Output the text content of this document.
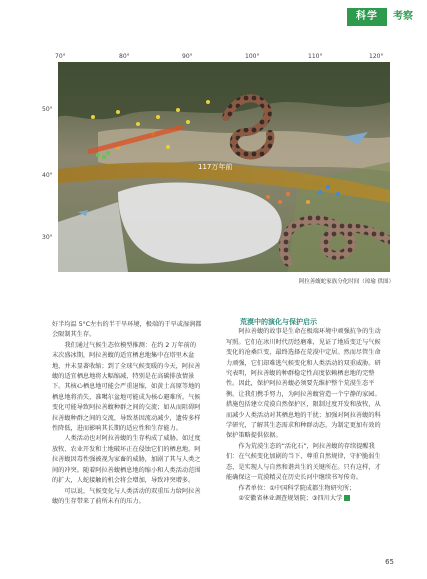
科学	考察
70°	80°	90°	100°	110°	120°
50°
40°
30°
117万年前
阿拉善蝮蛇家族分化时间（琼瑜 供图）

好半均温 5°C左右的半干旱环境，极端的干旱或湿润都会限制其生存。

我们通过气候生态位模型推测：在约 2 万年前的末次盛冰期，阿拉善蝮的适宜栖息地集中在塔里木盆地，并未显著收缩；到了全球气候变暖的今天，阿拉善蝮的适宜栖息地将大幅缩减，特别是在高碳排放情景下。其核心栖息地可能会严重退缩，如黄土高原等地的栖息地将消失，准噶尔盆地可能成为核心避难所。气候变化可能导致阿拉善蝮种群之间的交流；如从而阻碍阿拉善蝮种群之间的交流，导致基因流动减少，遗传多样性降低，进而影响其长期的适应性和生存能力。

人类活动也对阿拉善蝮的生存构成了威胁。如过度放牧、农业开发和土地破坏正在侵蚀它们的栖息地。阿拉善蝮因毒性强被视为家畜的威胁，加剧了其与人类之间的冲突。随着阿拉善蝮栖息地的缩小和人类活动范围的扩大，人蛇接触的机会将会增加，导致冲突增多。

可以说，气候变化与人类活动的双重压力给阿拉善蝮的生存带来了前所未有的压力。

荒漠中的演化与保护启示

阿拉善蝮的故事是生命在极端环境中顽强抗争的生动写照。它们在冰川时代历经磨难，见证了地质变迁与气候变化的沧桑巨变，最终选择在荒漠中定居。然而尽管生命力顽强，它们却难逃气候变化和人类活动的双重威胁。研究表明，阿拉善蝮的种群稳定性高度依赖栖息地的完整性。因此，保护阿拉善蝮必须要先维护整个荒漠生态平衡。让我们携手努力，为阿拉善蝮营造一个宁静的家园。措施包括建立荒漠自然保护区，限制过度开发和放牧，从而减少人类活动对其栖息地的干扰；加强对阿拉善蝮的科学研究，了解其生态需求和种群动态，为制定更加有效的保护策略提供依据。

作为荒漠生态的“活化石”，阿拉善蝮的存续提醒我们：在气候变化加剧的当下，尊重自然规律，守护脆弱生态，是实现人与自然和谐共生的关键所在。只有这样，才能确保这一荒漠精灵在历史长河中继续书写传奇。

作者单位：①中国科学院成都生物研究所；

②安徽省林业调查规划院；③四川大学

65
